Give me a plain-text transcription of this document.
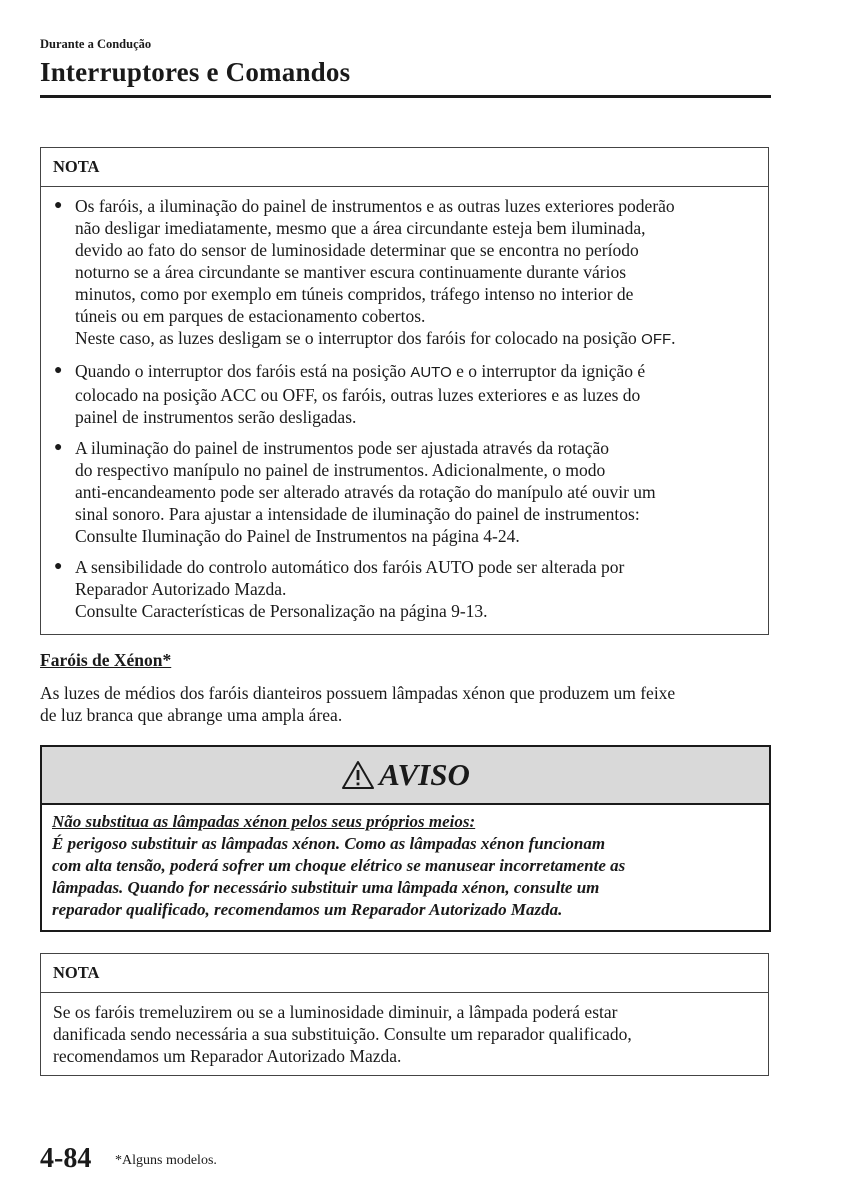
Durante a Condução
Interruptores e Comandos
NOTA
● Os faróis, a iluminação do painel de instrumentos e as outras luzes exteriores poderão
não desligar imediatamente, mesmo que a área circundante esteja bem iluminada,
devido ao fato do sensor de luminosidade determinar que se encontra no período
noturno se a área circundante se mantiver escura continuamente durante vários
minutos, como por exemplo em túneis compridos, tráfego intenso no interior de
túneis ou em parques de estacionamento cobertos.
Neste caso, as luzes desligam se o interruptor dos faróis for colocado na posição OFF.
● Quando o interruptor dos faróis está na posição AUTO e o interruptor da ignição é
colocado na posição ACC ou OFF, os faróis, outras luzes exteriores e as luzes do
painel de instrumentos serão desligadas.
● A iluminação do painel de instrumentos pode ser ajustada através da rotação
do respectivo manípulo no painel de instrumentos. Adicionalmente, o modo
anti-encandeamento pode ser alterado através da rotação do manípulo até ouvir um
sinal sonoro. Para ajustar a intensidade de iluminação do painel de instrumentos:
Consulte Iluminação do Painel de Instrumentos na página 4-24.
● A sensibilidade do controlo automático dos faróis AUTO pode ser alterada por
Reparador Autorizado Mazda.
Consulte Características de Personalização na página 9-13.
Faróis de Xénon*
As luzes de médios dos faróis dianteiros possuem lâmpadas xénon que produzem um feixe
de luz branca que abrange uma ampla área.
AVISO
Não substitua as lâmpadas xénon pelos seus próprios meios:
É perigoso substituir as lâmpadas xénon. Como as lâmpadas xénon funcionam
com alta tensão, poderá sofrer um choque elétrico se manusear incorretamente as
lâmpadas. Quando for necessário substituir uma lâmpada xénon, consulte um
reparador qualificado, recomendamos um Reparador Autorizado Mazda.
NOTA
Se os faróis tremeluzirem ou se a luminosidade diminuir, a lâmpada poderá estar
danificada sendo necessária a sua substituição. Consulte um reparador qualificado,
recomendamos um Reparador Autorizado Mazda.
4-84 *Alguns modelos.
